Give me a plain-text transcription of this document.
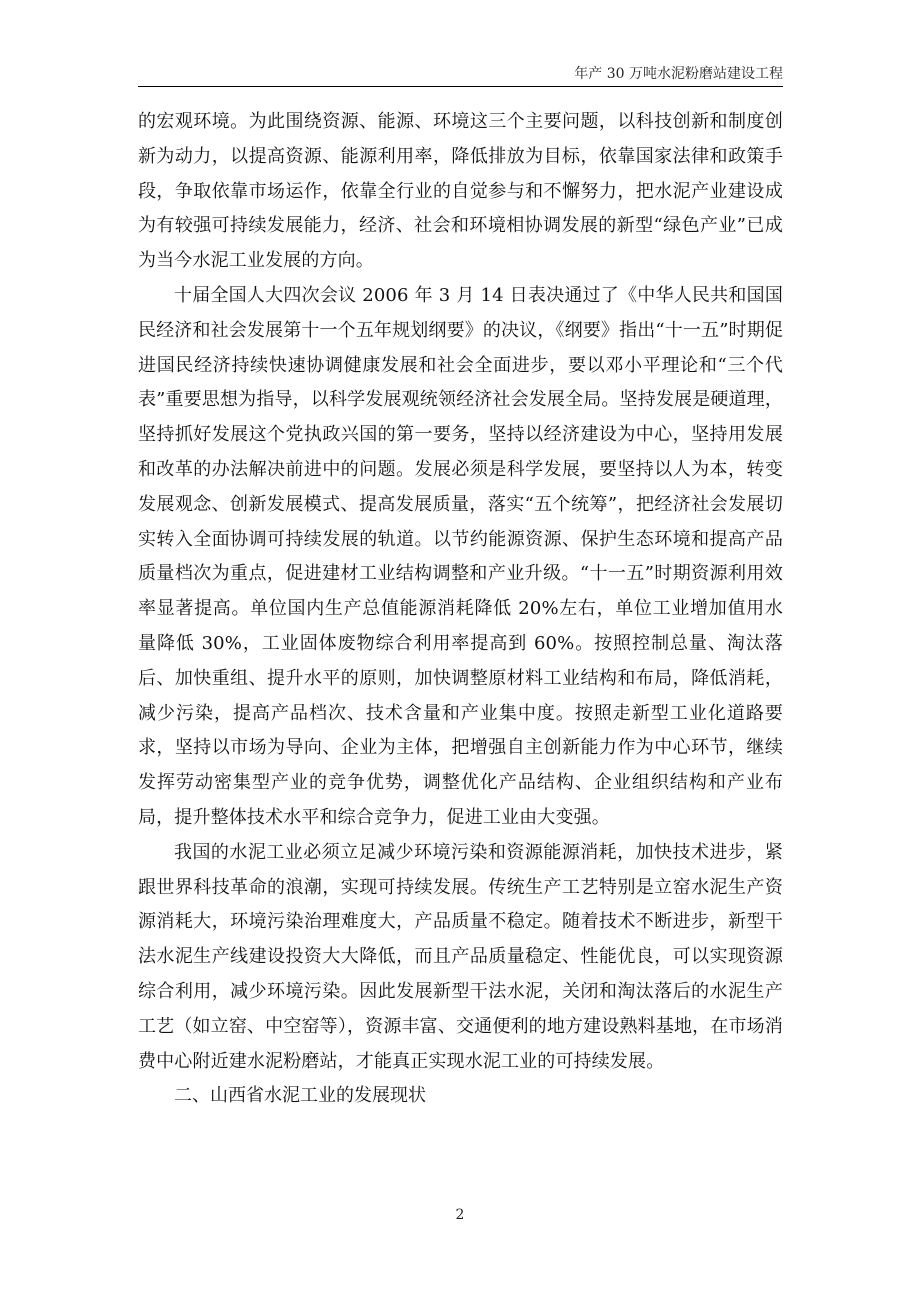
年产 30 万吨水泥粉磨站建设工程

的宏观环境。为此围绕资源、能源、环境这三个主要问题，以科技创新和制度创新为动力，以提高资源、能源利用率，降低排放为目标，依靠国家法律和政策手段，争取依靠市场运作，依靠全行业的自觉参与和不懈努力，把水泥产业建设成为有较强可持续发展能力，经济、社会和环境相协调发展的新型“绿色产业”已成为当今水泥工业发展的方向。

十届全国人大四次会议 2006 年 3 月 14 日表决通过了《中华人民共和国国民经济和社会发展第十一个五年规划纲要》的决议，《纲要》指出“十一五”时期促进国民经济持续快速协调健康发展和社会全面进步，要以邓小平理论和“三个代表”重要思想为指导，以科学发展观统领经济社会发展全局。坚持发展是硬道理，坚持抓好发展这个党执政兴国的第一要务，坚持以经济建设为中心，坚持用发展和改革的办法解决前进中的问题。发展必须是科学发展，要坚持以人为本，转变发展观念、创新发展模式、提高发展质量，落实“五个统筹”，把经济社会发展切实转入全面协调可持续发展的轨道。以节约能源资源、保护生态环境和提高产品质量档次为重点，促进建材工业结构调整和产业升级。“十一五”时期资源利用效率显著提高。单位国内生产总值能源消耗降低 20%左右，单位工业增加值用水量降低 30%，工业固体废物综合利用率提高到 60%。按照控制总量、淘汰落后、加快重组、提升水平的原则，加快调整原材料工业结构和布局，降低消耗，减少污染，提高产品档次、技术含量和产业集中度。按照走新型工业化道路要求，坚持以市场为导向、企业为主体，把增强自主创新能力作为中心环节，继续发挥劳动密集型产业的竞争优势，调整优化产品结构、企业组织结构和产业布局，提升整体技术水平和综合竞争力，促进工业由大变强。

我国的水泥工业必须立足减少环境污染和资源能源消耗，加快技术进步，紧跟世界科技革命的浪潮，实现可持续发展。传统生产工艺特别是立窑水泥生产资源消耗大，环境污染治理难度大，产品质量不稳定。随着技术不断进步，新型干法水泥生产线建设投资大大降低，而且产品质量稳定、性能优良，可以实现资源综合利用，减少环境污染。因此发展新型干法水泥，关闭和淘汰落后的水泥生产工艺（如立窑、中空窑等），资源丰富、交通便利的地方建设熟料基地，在市场消费中心附近建水泥粉磨站，才能真正实现水泥工业的可持续发展。

二、山西省水泥工业的发展现状

2
